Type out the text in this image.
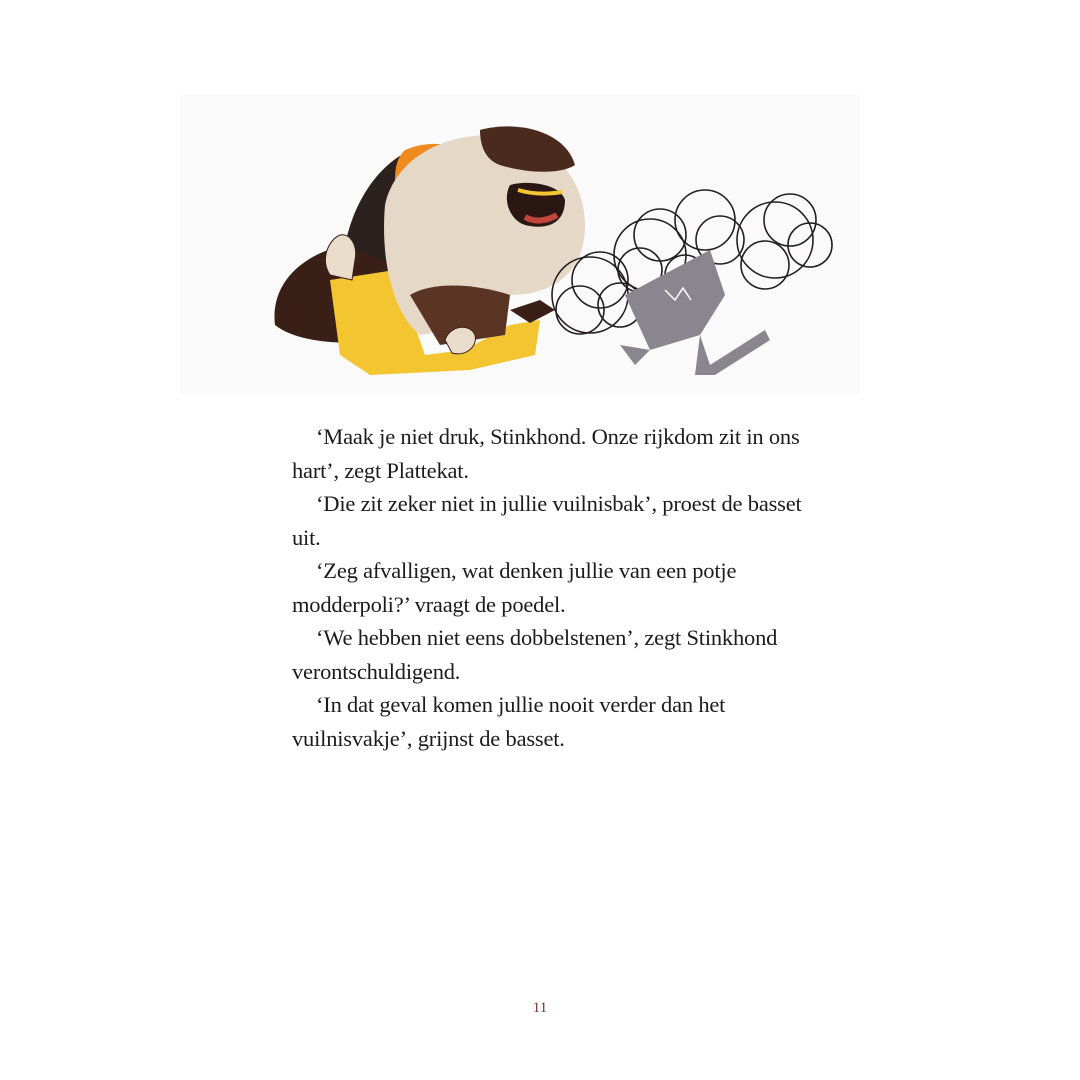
‘Maak je niet druk, Stinkhond. Onze rijkdom zit in ons hart’, zegt Plattekat.

‘Die zit zeker niet in jullie vuilnisbak’, proest de basset uit.

‘Zeg afvalligen, wat denken jullie van een potje modderpoli?’ vraagt de poedel.

‘We hebben niet eens dobbelstenen’, zegt Stinkhond verontschuldigend.

‘In dat geval komen jullie nooit verder dan het vuilnisvakje’, grijnst de basset.

11
